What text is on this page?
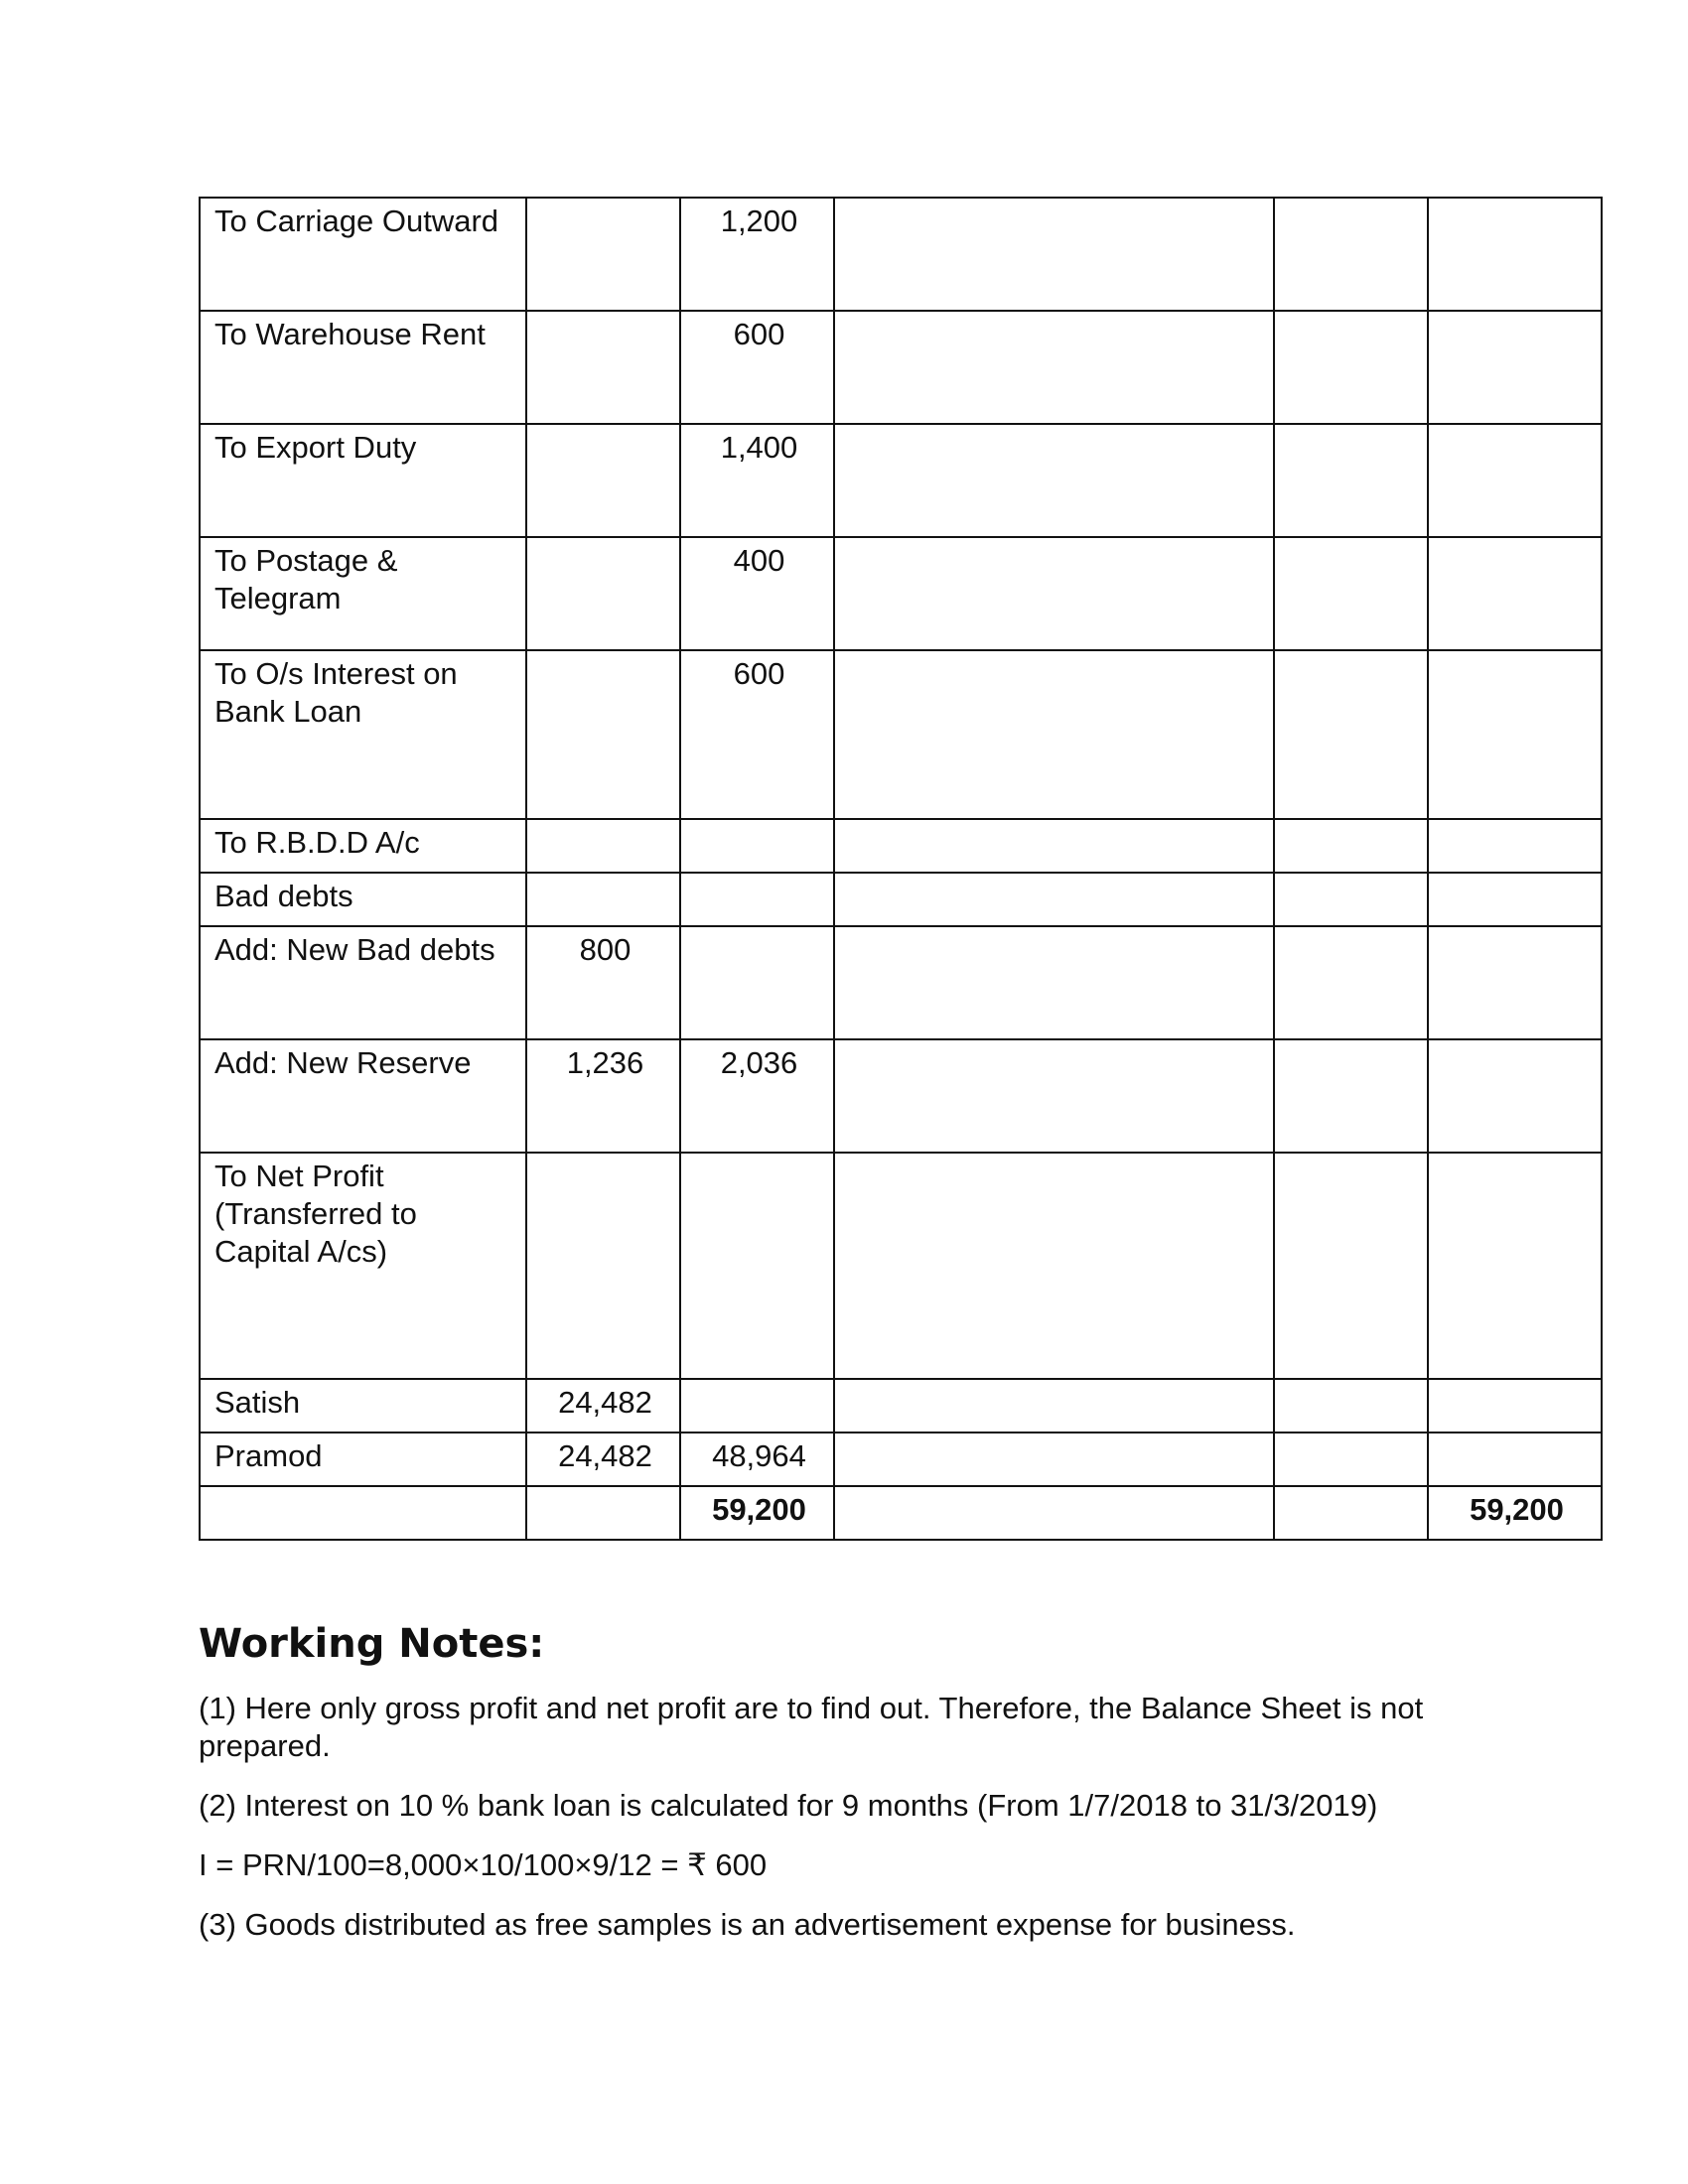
To Carriage Outward		1,200			
To Warehouse Rent		600			
To Export Duty		1,400			
To Postage & Telegram		400			
To O/s Interest on Bank Loan		600			
To R.B.D.D A/c					
Bad debts					
Add: New Bad debts	800				
Add: New Reserve	1,236	2,036			
To Net Profit (Transferred to Capital A/cs)					
Satish	24,482				
Pramod	24,482	48,964			
		59,200			59,200
Working Notes:

(1) Here only gross profit and net profit are to find out. Therefore, the Balance Sheet is not prepared.

(2) Interest on 10 % bank loan is calculated for 9 months (From 1/7/2018 to 31/3/2019)

I = PRN/100=8,000×10/100×9/12 = ₹ 600

(3) Goods distributed as free samples is an advertisement expense for business.
